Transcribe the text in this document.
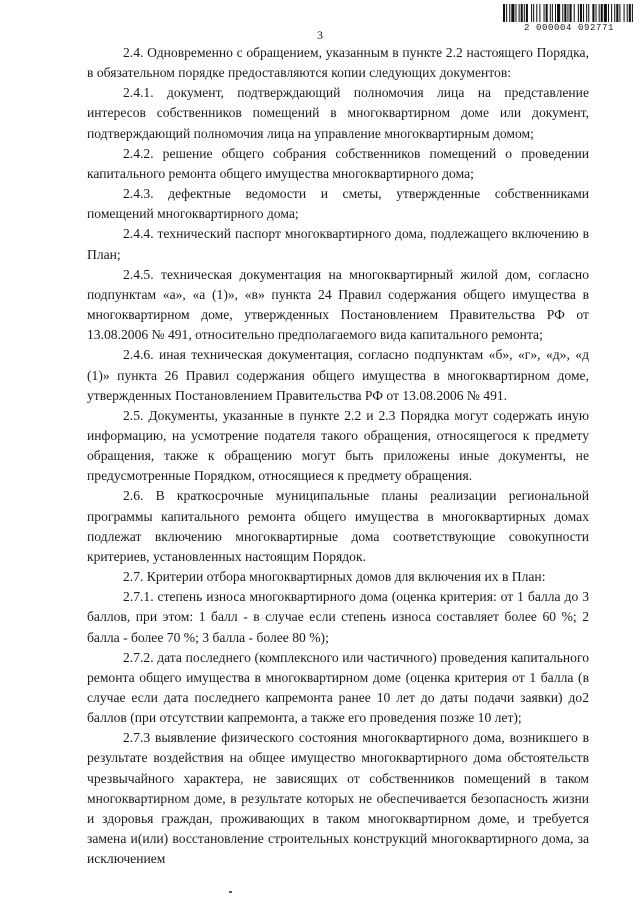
2 000004 092771
3

2.4. Одновременно с обращением, указанным в пункте 2.2 настоящего Порядка, в обязательном порядке предоставляются копии следующих документов:

2.4.1. документ, подтверждающий полномочия лица на представление интересов собственников помещений в многоквартирном доме или документ, подтверждающий полномочия лица на управление многоквартирным домом;

2.4.2. решение общего собрания собственников помещений о проведении капитального ремонта общего имущества многоквартирного дома;

2.4.3. дефектные ведомости и сметы, утвержденные собственниками помещений многоквартирного дома;

2.4.4. технический паспорт многоквартирного дома, подлежащего включению в План;

2.4.5. техническая документация на многоквартирный жилой дом, согласно подпунктам «а», «а (1)», «в» пункта 24 Правил содержания общего имущества в многоквартирном доме, утвержденных Постановлением Правительства РФ от 13.08.2006 № 491, относительно предполагаемого вида капитального ремонта;

2.4.6. иная техническая документация, согласно подпунктам «б», «г», «д», «д (1)» пункта 26 Правил содержания общего имущества в многоквартирном доме, утвержденных Постановлением Правительства РФ от 13.08.2006 № 491.

2.5. Документы, указанные в пункте 2.2 и 2.3 Порядка могут содержать иную информацию, на усмотрение подателя такого обращения, относящегося к предмету обращения, также к обращению могут быть приложены иные документы, не предусмотренные Порядком, относящиеся к предмету обращения.

2.6. В краткосрочные муниципальные планы реализации региональной программы капитального ремонта общего имущества в многоквартирных домах подлежат включению многоквартирные дома соответствующие совокупности критериев, установленных настоящим Порядок.

2.7. Критерии отбора многоквартирных домов для включения их в План:

2.7.1. степень износа многоквартирного дома (оценка критерия: от 1 балла до 3 баллов, при этом: 1 балл - в случае если степень износа составляет более 60 %; 2 балла - более 70 %; 3 балла - более 80 %);

2.7.2. дата последнего (комплексного или частичного) проведения капитального ремонта общего имущества в многоквартирном доме (оценка критерия от 1 балла (в случае если дата последнего капремонта ранее 10 лет до даты подачи заявки) до2 баллов (при отсутствии капремонта, а также его проведения позже 10 лет);

2.7.3 выявление физического состояния многоквартирного дома, возникшего в результате воздействия на общее имущество многоквартирного дома обстоятельств чрезвычайного характера, не зависящих от собственников помещений в таком многоквартирном доме, в результате которых не обеспечивается безопасность жизни и здоровья граждан, проживающих в таком многоквартирном доме, и требуется замена и(или) восстановление строительных конструкций многоквартирного дома, за исключением
